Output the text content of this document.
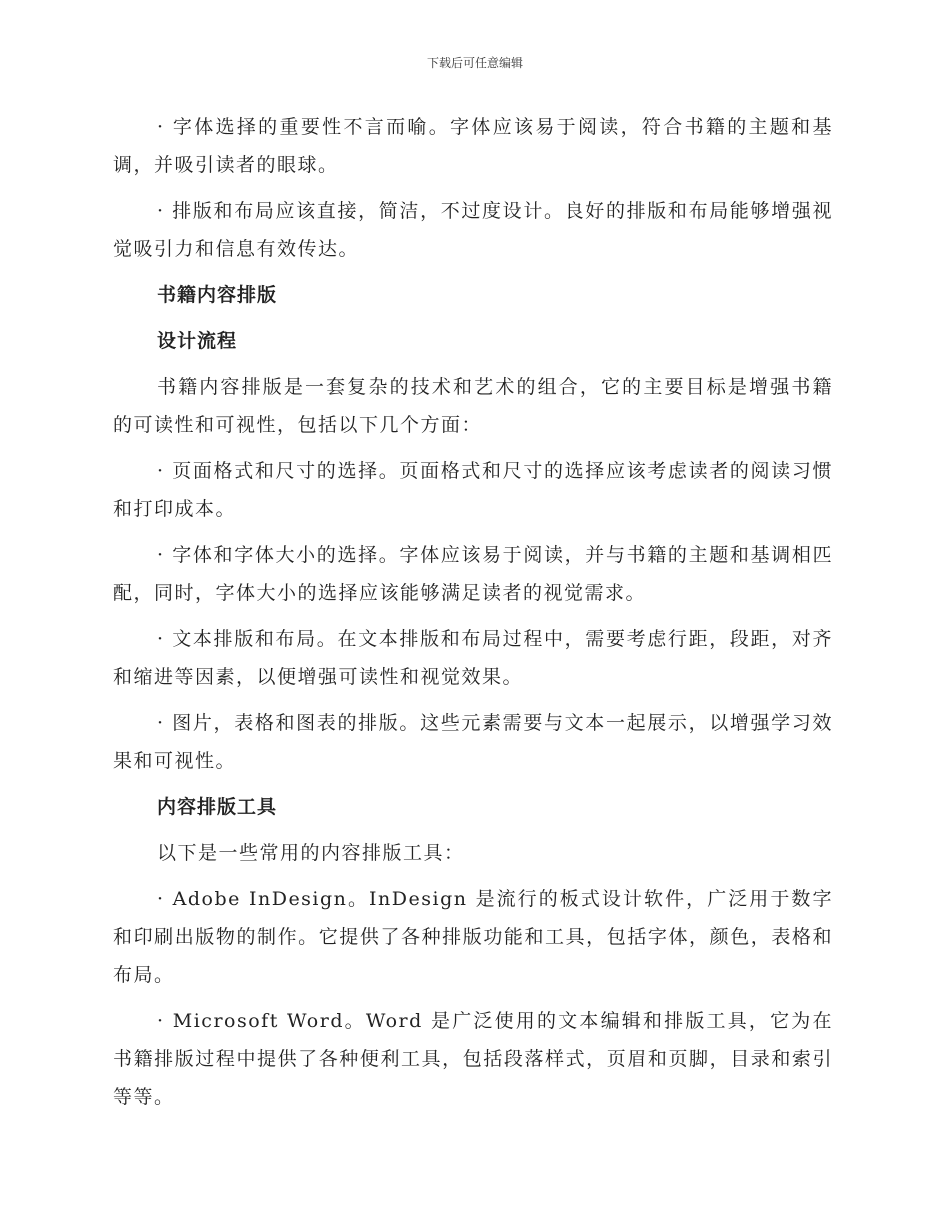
下载后可任意编辑

· 字体选择的重要性不言而喻。字体应该易于阅读，符合书籍的主题和基调，并吸引读者的眼球。

· 排版和布局应该直接，简洁，不过度设计。良好的排版和布局能够增强视觉吸引力和信息有效传达。

书籍内容排版
设计流程

书籍内容排版是一套复杂的技术和艺术的组合，它的主要目标是增强书籍的可读性和可视性，包括以下几个方面：

· 页面格式和尺寸的选择。页面格式和尺寸的选择应该考虑读者的阅读习惯和打印成本。

· 字体和字体大小的选择。字体应该易于阅读，并与书籍的主题和基调相匹配，同时，字体大小的选择应该能够满足读者的视觉需求。

· 文本排版和布局。在文本排版和布局过程中，需要考虑行距，段距，对齐和缩进等因素，以便增强可读性和视觉效果。

· 图片，表格和图表的排版。这些元素需要与文本一起展示，以增强学习效果和可视性。

内容排版工具

以下是一些常用的内容排版工具：

· Adobe InDesign。InDesign 是流行的板式设计软件，广泛用于数字和印刷出版物的制作。它提供了各种排版功能和工具，包括字体，颜色，表格和布局。

· Microsoft Word。Word 是广泛使用的文本编辑和排版工具，它为在书籍排版过程中提供了各种便利工具，包括段落样式，页眉和页脚，目录和索引等等。
